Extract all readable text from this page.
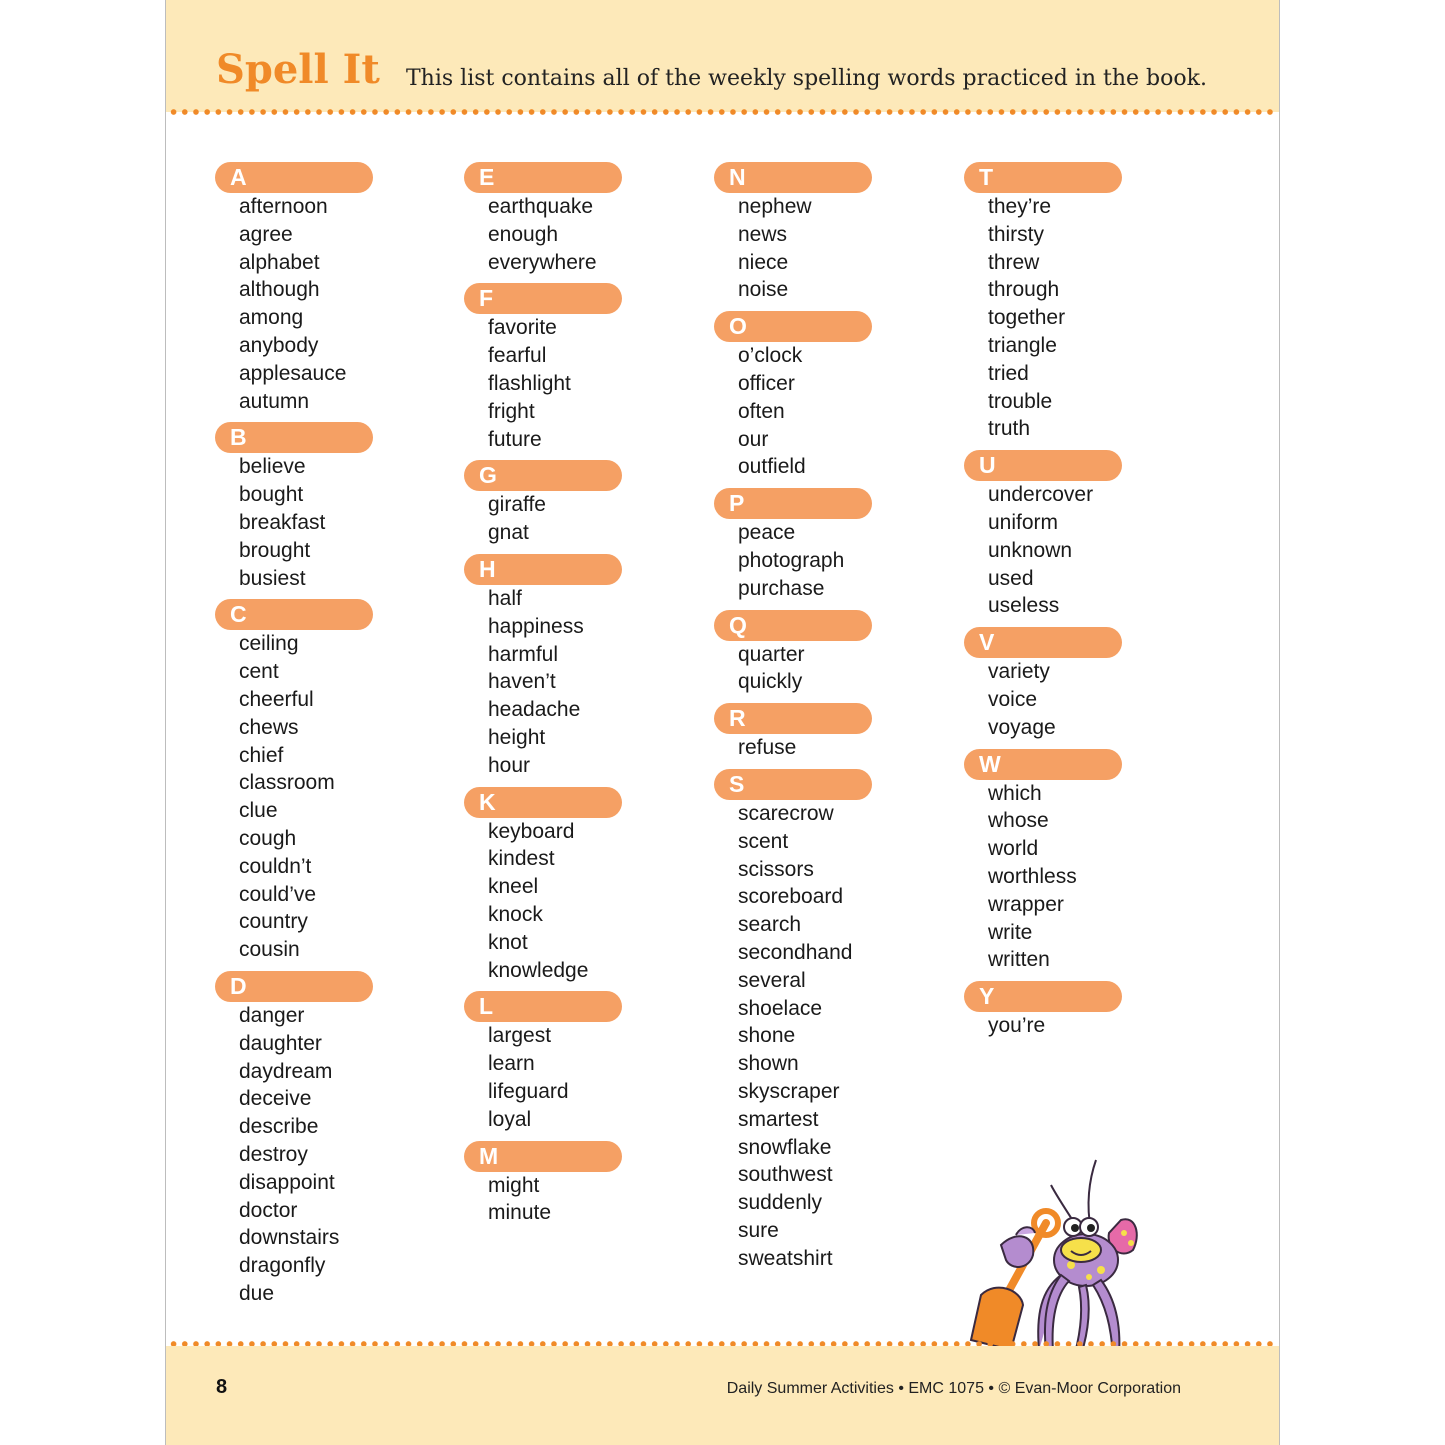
Spell It This list contains all of the weekly spelling words practiced in the book.

A
afternoon
agree
alphabet
although
among
anybody
applesauce
autumn
B
believe
bought
breakfast
brought
busiest
C
ceiling
cent
cheerful
chews
chief
classroom
clue
cough
couldn’t
could’ve
country
cousin
D
danger
daughter
daydream
deceive
describe
destroy
disappoint
doctor
downstairs
dragonfly
due
E
earthquake
enough
everywhere
F
favorite
fearful
flashlight
fright
future
G
giraffe
gnat
H
half
happiness
harmful
haven’t
headache
height
hour
K
keyboard
kindest
kneel
knock
knot
knowledge
L
largest
learn
lifeguard
loyal
M
might
minute
N
nephew
news
niece
noise
O
o’clock
officer
often
our
outfield
P
peace
photograph
purchase
Q
quarter
quickly
R
refuse
S
scarecrow
scent
scissors
scoreboard
search
secondhand
several
shoelace
shone
shown
skyscraper
smartest
snowflake
southwest
suddenly
sure
sweatshirt
T
they’re
thirsty
threw
through
together
triangle
tried
trouble
truth
U
undercover
uniform
unknown
used
useless
V
variety
voice
voyage
W
which
whose
world
worthless
wrapper
write
written
Y
you’re
8	Daily Summer Activities • EMC 1075 • © Evan-Moor Corporation
